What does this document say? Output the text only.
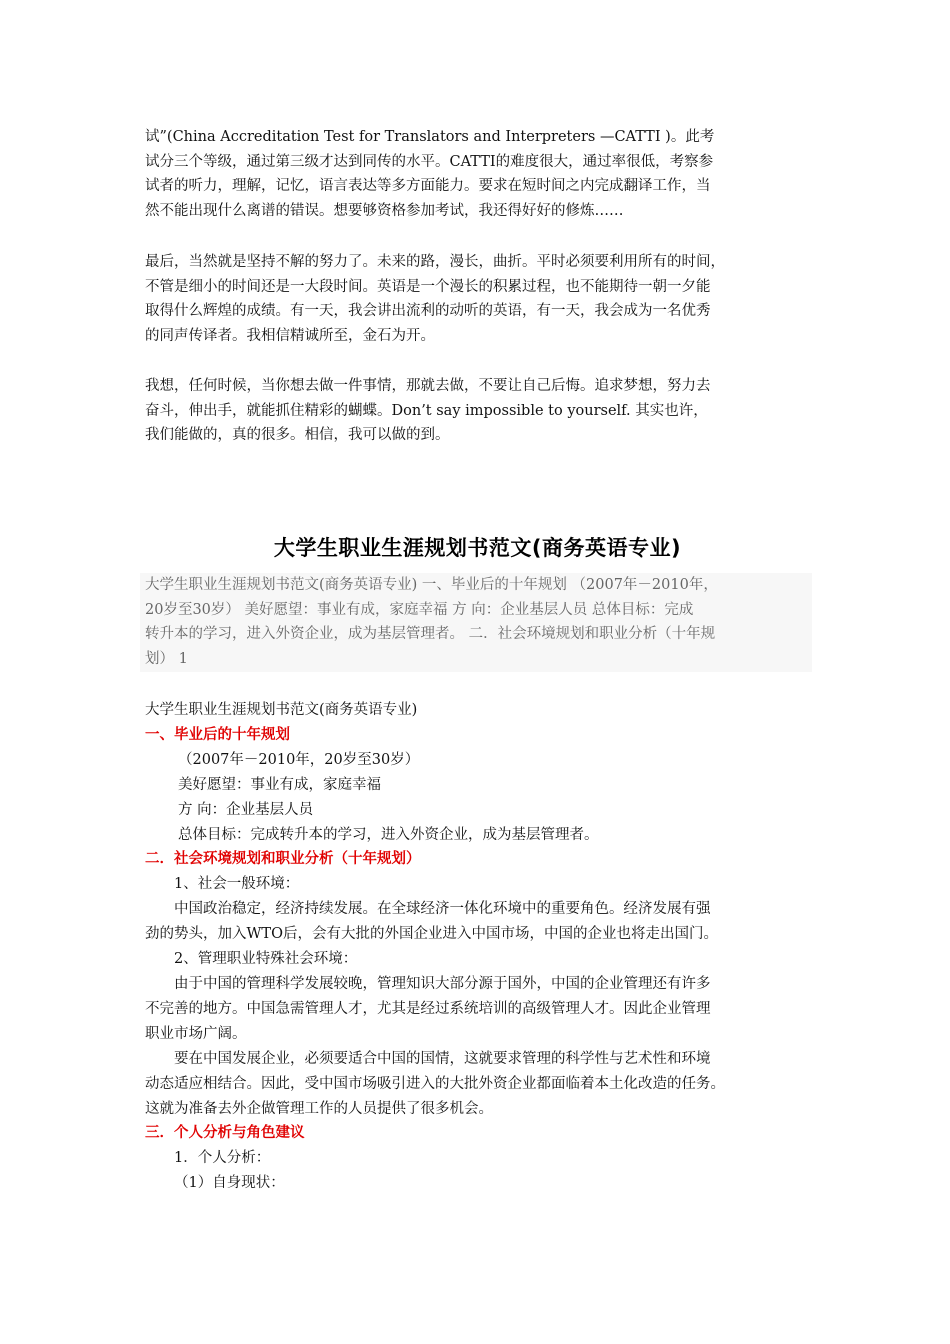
试”(China Accreditation Test for Translators and Interpreters —CATTI )。此考

试分三个等级，通过第三级才达到同传的水平。CATTI的难度很大，通过率很低，考察参

试者的听力，理解，记忆，语言表达等多方面能力。要求在短时间之内完成翻译工作，当

然不能出现什么离谱的错误。想要够资格参加考试，我还得好好的修炼……

最后，当然就是坚持不解的努力了。未来的路，漫长，曲折。平时必须要利用所有的时间，

不管是细小的时间还是一大段时间。英语是一个漫长的积累过程，也不能期待一朝一夕能

取得什么辉煌的成绩。有一天，我会讲出流利的动听的英语，有一天，我会成为一名优秀

的同声传译者。我相信精诚所至，金石为开。

我想，任何时候，当你想去做一件事情，那就去做，不要让自己后悔。追求梦想，努力去

奋斗，伸出手，就能抓住精彩的蝴蝶。Don’t say impossible to yourself. 其实也许，

我们能做的，真的很多。相信，我可以做的到。

大学生职业生涯规划书范文(商务英语专业)

大学生职业生涯规划书范文(商务英语专业) 一、毕业后的十年规划 （2007年－2010年，

20岁至30岁） 美好愿望：事业有成，家庭幸福 方 向：企业基层人员 总体目标：完成

转升本的学习，进入外资企业，成为基层管理者。 二．社会环境规划和职业分析（十年规

划） 1

大学生职业生涯规划书范文(商务英语专业)
一、毕业后的十年规划
（2007年－2010年，20岁至30岁）
美好愿望：事业有成，家庭幸福
方 向：企业基层人员
总体目标：完成转升本的学习，进入外资企业，成为基层管理者。
二．社会环境规划和职业分析（十年规划）
1、社会一般环境：
中国政治稳定，经济持续发展。在全球经济一体化环境中的重要角色。经济发展有强
劲的势头，加入WTO后，会有大批的外国企业进入中国市场，中国的企业也将走出国门。
2、管理职业特殊社会环境：
由于中国的管理科学发展较晚，管理知识大部分源于国外，中国的企业管理还有许多
不完善的地方。中国急需管理人才，尤其是经过系统培训的高级管理人才。因此企业管理
职业市场广阔。
要在中国发展企业，必须要适合中国的国情，这就要求管理的科学性与艺术性和环境
动态适应相结合。因此，受中国市场吸引进入的大批外资企业都面临着本土化改造的任务。
这就为准备去外企做管理工作的人员提供了很多机会。
三．个人分析与角色建议
1．个人分析：
（1）自身现状：
